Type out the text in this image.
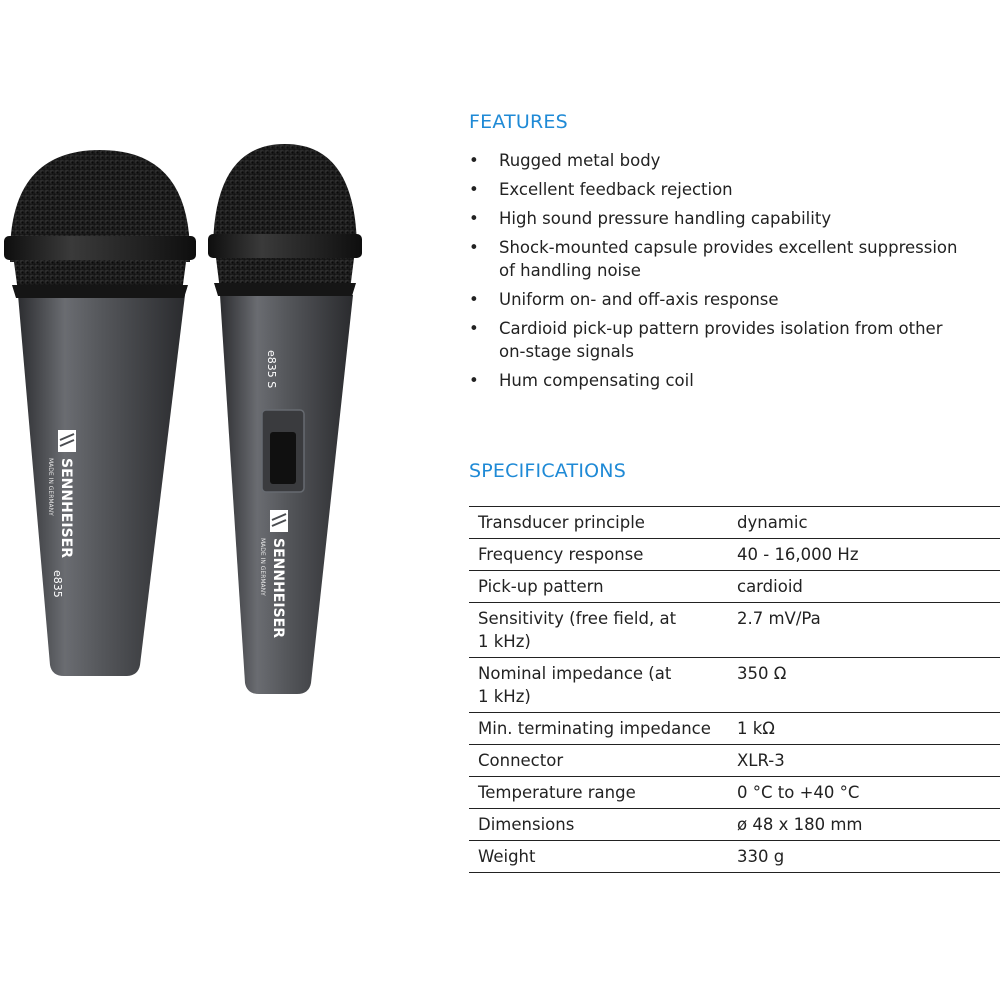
SENNHEISER
MADE IN GERMANY
e835
e835 S
SENNHEISER
MADE IN GERMANY
FEATURES
• Rugged metal body
• Excellent feedback rejection
• High sound pressure handling capability
• Shock-mounted capsule provides excellent suppression
of handling noise
• Uniform on- and off-axis response
• Cardioid pick-up pattern provides isolation from other
on-stage signals
• Hum compensating coil
SPECIFICATIONS
Transducer principle	dynamic
Frequency response	40 - 16,000 Hz
Pick-up pattern	cardioid
Sensitivity (free field, at
1 kHz)	2.7 mV/Pa
Nominal impedance (at
1 kHz)	350 Ω
Min. terminating impedance	1 kΩ
Connector	XLR-3
Temperature range	0 °C to +40 °C
Dimensions	ø 48 x 180 mm
Weight	330 g
